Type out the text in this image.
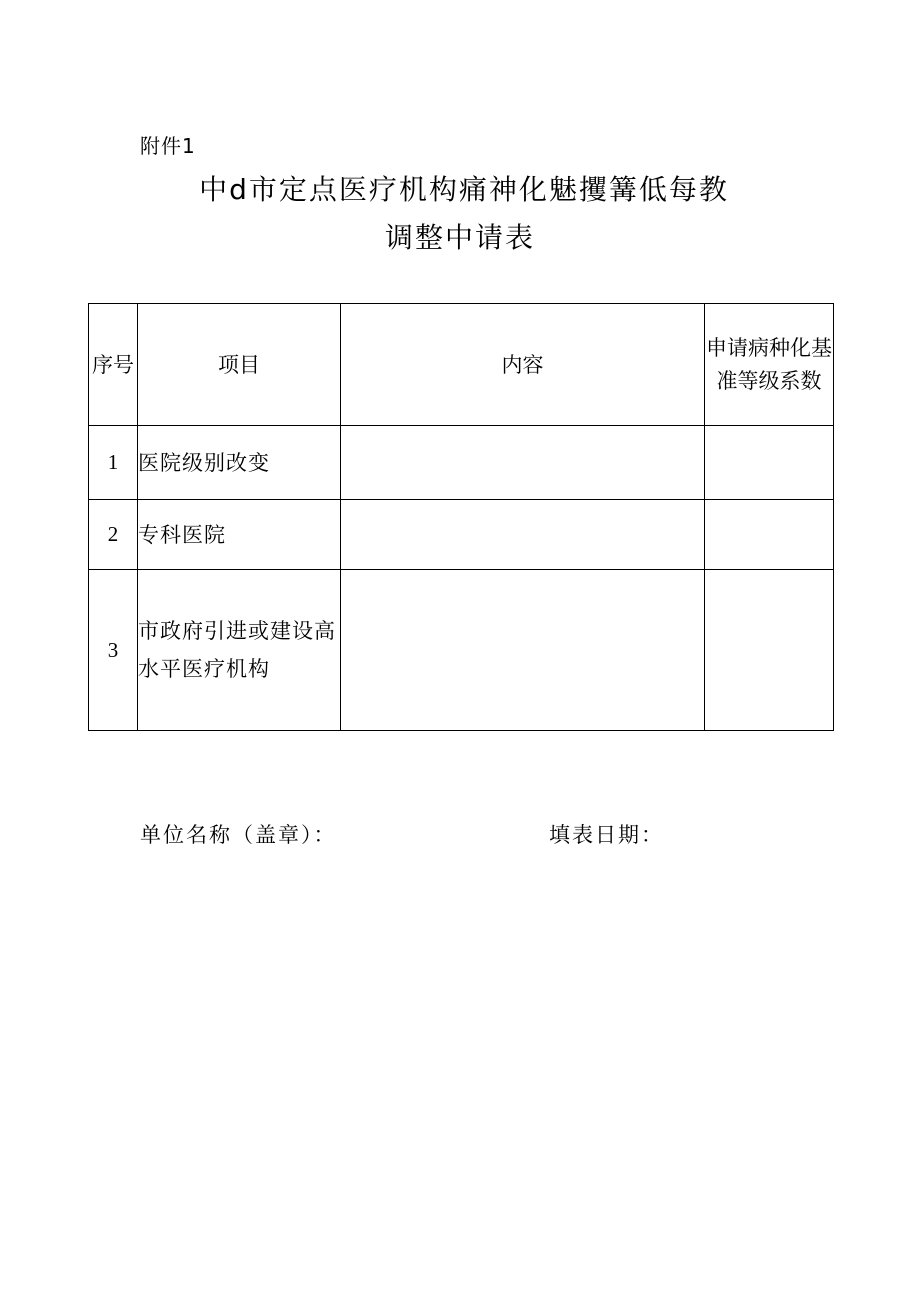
附件1
中d市定点医疗机构痛神化魅攫篝低每教
调整中请表
序号	项目	内容	申请病种化基准等级系数
1	医院级别改变		
2	专科医院		
3	市政府引进或建设高水平医疗机构		
单位名称（盖章）：	填表日期：
